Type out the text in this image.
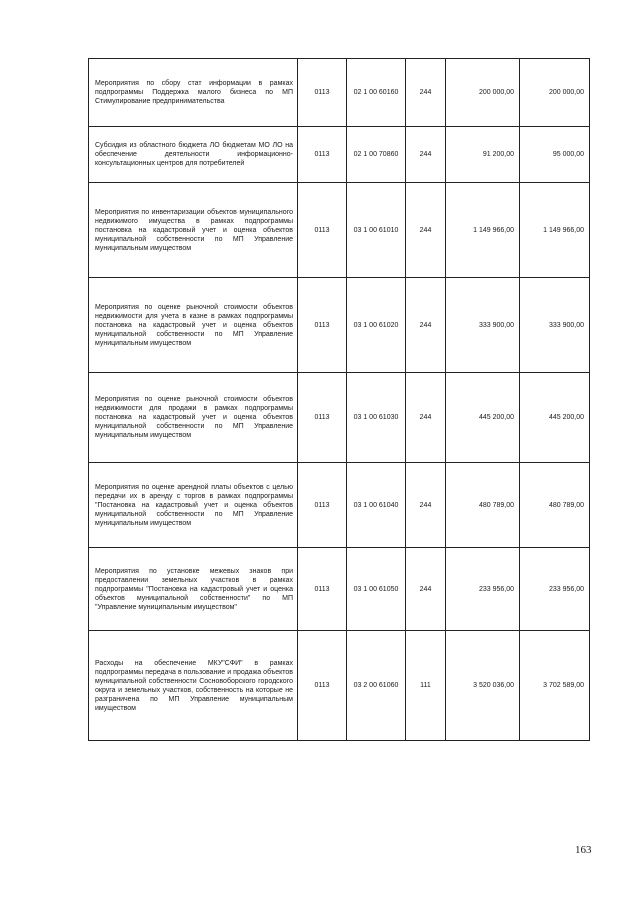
Мероприятия по сбору стат информации в рамках подпрограммы Поддержка малого бизнеса по МП Стимулирование предпринимательства	0113	02 1 00 60160	244	200 000,00	200 000,00
Субсидия из областного бюджета ЛО бюджетам МО ЛО на обеспечение деятельности информационно-консультационных центров для потребителей	0113	02 1 00 70860	244	91 200,00	95 000,00
Мероприятия по инвентаризации объектов муниципального недвижимого имущества в рамках подпрограммы постановка на кадастровый учет и оценка объектов муниципальной собственности по МП Управление муниципальным имуществом	0113	03 1 00 61010	244	1 149 966,00	1 149 966,00
Мероприятия по оценке рыночной стоимости объектов недвижимости для учета в казне в рамках подпрограммы постановка на кадастровый учет и оценка объектов муниципальной собственности по МП Управление муниципальным имуществом	0113	03 1 00 61020	244	333 900,00	333 900,00
Мероприятия по оценке рыночной стоимости объектов недвижимости для продажи в рамках подпрограммы постановка на кадастровый учет и оценка объектов муниципальной собственности по МП Управление муниципальным имуществом	0113	03 1 00 61030	244	445 200,00	445 200,00
Мероприятия по оценке арендной платы объектов с целью передачи их в аренду с торгов в рамках подпрограммы "Постановка на кадастровый учет и оценка объектов муниципальной собственности по МП Управление муниципальным имуществом	0113	03 1 00 61040	244	480 789,00	480 789,00
Мероприятия по установке межевых знаков при предоставлении земельных участков в рамках подпрограммы "Постановка на кадастровый учет и оценка объектов муниципальной собственности" по МП "Управление муниципальным имуществом"	0113	03 1 00 61050	244	233 956,00	233 956,00
Расходы на обеспечение МКУ"СФИ" в рамках подпрограммы передача в пользование и продажа объектов муниципальной собственности Сосновоборского городского округа и земельных участков, собственность на которые не разграничена по МП Управление муниципальным имуществом	0113	03 2 00 61060	111	3 520 036,00	3 702 589,00
163
